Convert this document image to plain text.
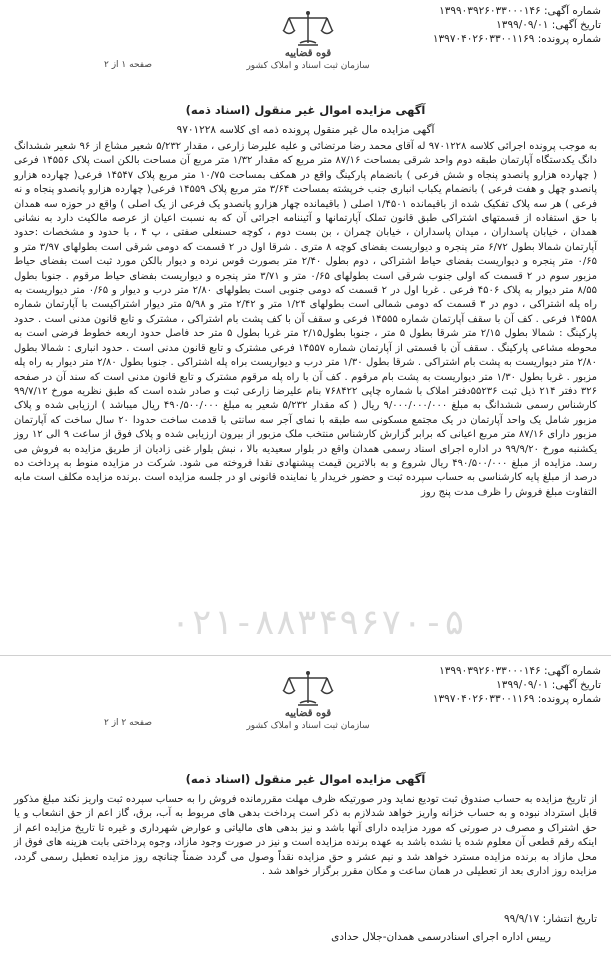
شماره آگهی: ۱۳۹۹۰۳۹۲۶۰۳۳۰۰۰۱۴۶
تاریخ آگهی: ۱۳۹۹/۰۹/۰۱
شماره پرونده: ۱۳۹۷۰۴۰۲۶۰۳۳۰۰۱۱۶۹
صفحه ۱ از ۲
قوه قضاییه
سازمان ثبت اسناد و املاک کشور
آگهی مزایده اموال غیر منقول (اسناد ذمه)
آگهی مزایده مال غیر منقول پرونده ذمه ای کلاسه ۹۷۰۱۲۲۸
به موجب پرونده اجرائی کلاسه ۹۷۰۱۲۲۸ له آقای محمد رضا مرتضائی و علیه علیرضا زارعی ، مقدار ۵/۲۳۲ شعیر مشاع از ۹۶ شعیر ششدانگ دانگ یکدستگاه آپارتمان طبقه دوم واحد شرقی بمساحت ۸۷/۱۶ متر مربع که مقدار ۱/۳۲ متر مربع آن مساحت بالکن است پلاک ۱۴۵۵۶ فرعی ( چهارده هزارو پانصدو پنجاه و شش فرعی ) بانضمام پارکینگ واقع در همکف بمساحت ۱۰/۷۵ متر مربع پلاک ۱۴۵۴۷ فرعی( چهارده هزارو پانصدو چهل و هفت فرعی ) بانضمام یکباب انباری جنب خرپشته بمساحت ۳/۶۴ متر مربع پلاک ۱۴۵۵۹ فرعی( چهارده هزارو پانصدو پنجاه و نه فرعی ) هر سه پلاک تفکیک شده از باقیمانده ۱/۴۵۰۱ اصلی ( باقیمانده چهار هزارو پانصدو یک فرعی از یک اصلی ) واقع در حوزه سه همدان با حق استفاده از قسمتهای اشتراکی طبق قانون تملک آپارتمانها و آئیننامه اجرائی آن که به نسبت اعیان از عرصه مالکیت دارد به نشانی همدان ، خیابان پاسداران ، میدان پاسداران ، خیابان چمران ، بن بست دوم ، کوچه حسنعلی صفتی ، پ ۴ ، با حدود و مشخصات :حدود آپارتمان شمالا بطول ۶/۷۲ متر پنجره و دیواریست بفضای کوچه ۸ متری . شرقا اول در ۲ قسمت که دومی شرقی است بطولهای ۳/۹۷ متر و ۰/۶۵ متر پنجره و دیواریست بفضای حیاط اشتراکی ، دوم بطول ۲/۴۰ متر بصورت قوس نرده و دیوار بالکن مورد ثبت است بفضای حیاط مزبور سوم در ۲ قسمت که اولی جنوب شرقی است بطولهای ۰/۶۵ متر و ۳/۷۱ متر پنجره و دیواریست بفضای حیاط مرقوم . جنوبا بطول ۸/۵۵ متر دیوار به پلاک ۴۵۰۶ فرعی . غربا اول در ۲ قسمت که دومی جنوبی است بطولهای ۲/۸۰ متر درب و دیوار و ۰/۶۵ متر دیواریست به راه پله اشتراکی ، دوم در ۳ قسمت که دومی شمالی است بطولهای ۱/۲۴ متر و ۲/۴۲ متر و ۵/۹۸ متر دیوار اشتراکیست با آپارتمان شماره ۱۴۵۵۸ فرعی . کف آن با سقف آپارتمان شماره ۱۴۵۵۵ فرعی و سقف آن با کف پشت بام اشتراکی ، مشترک و تابع قانون مدنی است . حدود پارکینگ : شمالا بطول ۲/۱۵ متر شرقا بطول ۵ متر ، جنوبا بطول۲/۱۵ متر غربا بطول ۵ متر حد فاصل حدود اربعه خطوط فرضی است به محوطه مشاعی پارکینگ . سقف آن با قسمتی از آپارتمان شماره ۱۴۵۵۷ فرعی مشترک و تابع قانون مدنی است . حدود انباری : شمالا بطول ۲/۸۰ متر دیواریست به پشت بام اشتراکی . شرقا بطول ۱/۳۰ متر درب و دیواریست براه پله اشتراکی . جنوبا بطول ۲/۸۰ متر دیوار به راه پله مزبور . غربا بطول ۱/۳۰ متر دیواریست به پشت بام مرقوم . کف آن با راه پله مرقوم مشترک و تابع قانون مدنی است که سند آن در صفحه ۳۲۶ دفتر ۲۱۴ ذیل ثبت ۵۵۲۳۶دفتر املاک با شماره چاپی ۷۶۸۴۲۲ بنام علیرضا زارعی ثبت و صادر شده است که طبق نظریه مورخ ۹۹/۷/۱۲ کارشناس رسمی ششدانگ به مبلغ ۹/۰۰۰/۰۰۰/۰۰۰ ریال ( که مقدار ۵/۲۳۲ شعیر به مبلغ ۴۹۰/۵۰۰/۰۰۰ ریال میباشد ) ارزیابی شده و پلاک مزبور شامل یک واحد آپارتمان در یک مجتمع مسکونی سه طبقه با نمای آجر سه سانتی با قدمت ساخت حدودا ۲۰ سال ساخت که آپارتمان مزبور دارای ۸۷/۱۶ متر مربع اعیانی که برابر گزارش کارشناس منتخب ملک مزبور از بیرون ارزیابی شده و پلاک فوق از ساعت ۹ الی ۱۲ روز یکشنبه مورخ ۹۹/۹/۲۰ در اداره اجرای اسناد رسمی همدان واقع در بلوار سعیدیه بالا ، نبش بلوار غنی زادیان از طریق مزایده به فروش می رسد. مزایده از مبلغ ۴۹۰/۵۰۰/۰۰۰ ریال شروع و به بالاترین قیمت پیشنهادی نقدا فروخته می شود. شرکت در مزایده منوط به پرداخت ده درصد از مبلغ پایه کارشناسی به حساب سپرده ثبت و حضور خریدار یا نماینده قانونی او در جلسه مزایده است .برنده مزایده مکلف است مابه التفاوت مبلغ فروش را ظرف مدت پنج روز
۰۲۱-۸۸۳۴۹۶۷۰-۵
شماره آگهی: ۱۳۹۹۰۳۹۲۶۰۳۳۰۰۰۱۴۶
تاریخ آگهی: ۱۳۹۹/۰۹/۰۱
شماره پرونده: ۱۳۹۷۰۴۰۲۶۰۳۳۰۰۱۱۶۹
صفحه ۲ از ۲
قوه قضاییه
سازمان ثبت اسناد و املاک کشور
آگهی مزایده اموال غیر منقول (اسناد ذمه)
از تاریخ مزایده به حساب صندوق ثبت تودیع نماید ودر صورتیکه ظرف مهلت مقررمانده فروش را به حساب سپرده ثبت واریز نکند مبلغ مذکور قابل استرداد نبوده و به حساب خزانه واریز خواهد شدلازم به ذکر است پرداخت بدهی های مربوط به آب، برق، گاز اعم از حق انشعاب و یا حق اشتراک و مصرف در صورتی که مورد مزایده دارای آنها باشد و نیز بدهی های مالیاتی و عوارض شهرداری و غیره تا تاریخ مزایده اعم از اینکه رقم قطعی آن معلوم شده یا نشده باشد به عهده برنده مزایده است و نیز در صورت وجود مازاد، وجوه پرداختی بابت هزینه های فوق از محل مازاد به برنده مزایده مسترد خواهد شد و نیم عشر و حق مزایده نقداً وصول می گردد ضمناً چنانچه روز مزایده تعطیل رسمی گردد، مزایده روز اداری بعد از تعطیلی در همان ساعت و مکان مقرر برگزار خواهد شد .
تاریخ انتشار: ۹۹/۹/۱۷
رییس اداره اجرای اسنادرسمی همدان-جلال حدادی
